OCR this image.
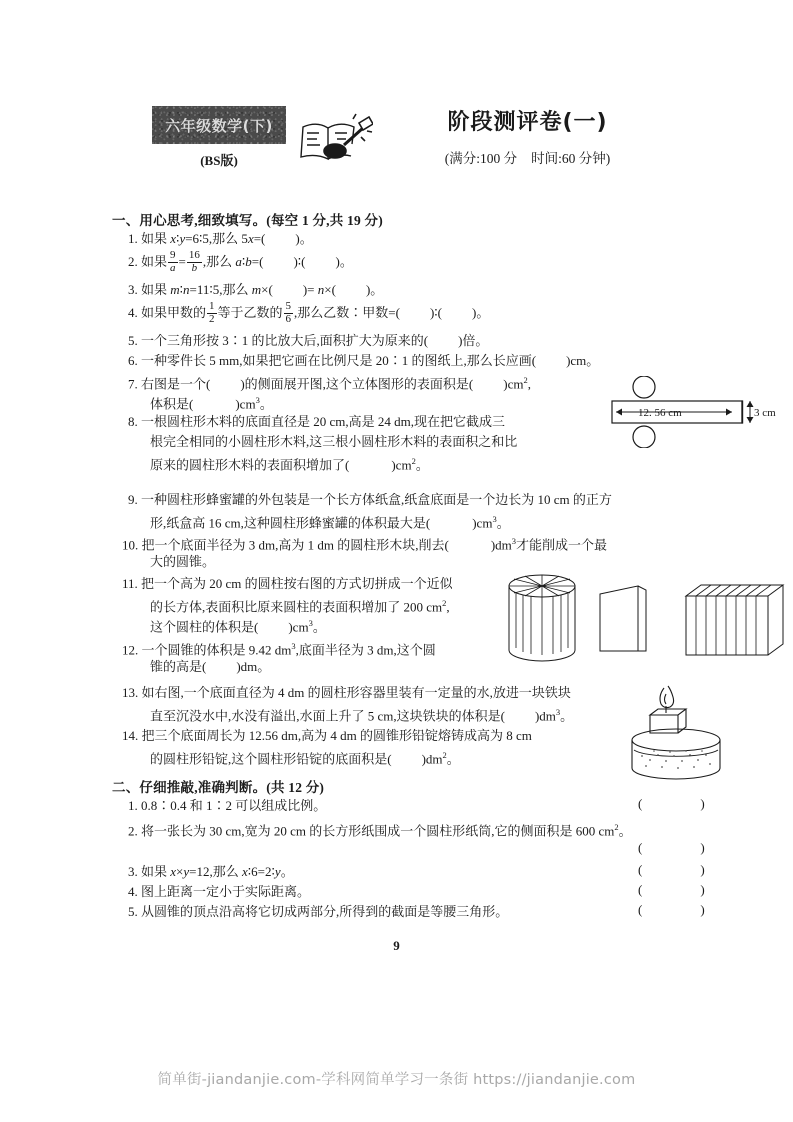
六年级数学(下)
(BS版)
阶段测评卷(一)
(满分:100 分 时间:60 分钟)
一、用心思考,细致填写。(每空 1 分,共 19 分)
1. 如果 x∶y=6∶5,那么 5x=( )。
2. 如果 $\frac{9}{a} = \frac{16}{b}$ ,那么 a∶b=( )∶( )。
3. 如果 m∶n=11∶5,那么 m×( )= n×( )。
4. 如果甲数的 $\frac{1}{2}$ 等于乙数的 $\frac{5}{6}$ ,那么乙数∶甲数=( )∶( )。
5. 一个三角形按 3∶1 的比放大后,面积扩大为原来的( )倍。
6. 一种零件长 5 mm,如果把它画在比例尺是 20∶1 的图纸上,那么长应画( )cm。
7. 右图是一个( )的侧面展开图,这个立体图形的表面积是( )$cm^2$,
体积是(	)$cm^3$。
8. 一根圆柱形木料的底面直径是 20 cm,高是 24 dm,现在把它截成三
根完全相同的小圆柱形木料,这三根小圆柱形木料的表面积之和比
原来的圆柱形木料的表面积增加了(	)$cm^2$。
9. 一种圆柱形蜂蜜罐的外包装是一个长方体纸盒,纸盒底面是一个边长为 10 cm 的正方
形,纸盒高 16 cm,这种圆柱形蜂蜜罐的体积最大是(	)$cm^3$。
10. 把一个底面半径为 3 dm,高为 1 dm 的圆柱形木块,削去(	)$dm^3$才能削成一个最
大的圆锥。
11. 把一个高为 20 cm 的圆柱按右图的方式切拼成一个近似
的长方体,表面积比原来圆柱的表面积增加了 200 $cm^2$,
这个圆柱的体积是( )$cm^3$。
12. 一个圆锥的体积是 9.42 $dm^3$,底面半径为 3 dm,这个圆
锥的高是( )dm。
13. 如右图,一个底面直径为 4 dm 的圆柱形容器里装有一定量的水,放进一块铁块
直至沉没水中,水没有溢出,水面上升了 5 cm,这块铁块的体积是( )$dm^3$。
14. 把三个底面周长为 12.56 dm,高为 4 dm 的圆锥形铅锭熔铸成高为 8 cm
的圆柱形铅锭,这个圆柱形铅锭的底面积是( )$dm^2$。
12. 56 cm	3 cm
二、仔细推敲,准确判断。(共 12 分)
1. 0.8∶0.4 和 1∶2 可以组成比例。	(    )
2. 将一张长为 30 cm,宽为 20 cm 的长方形纸围成一个圆柱形纸筒,它的侧面积是 600 $cm^2$。
(    )
3. 如果 x×y=12,那么 x∶6=2∶y。	(    )
4. 图上距离一定小于实际距离。	(    )
5. 从圆锥的顶点沿高将它切成两部分,所得到的截面是等腰三角形。	(    )
9
简单街-jiandanjie.com-学科网简单学习一条街 https://jiandanjie.com
